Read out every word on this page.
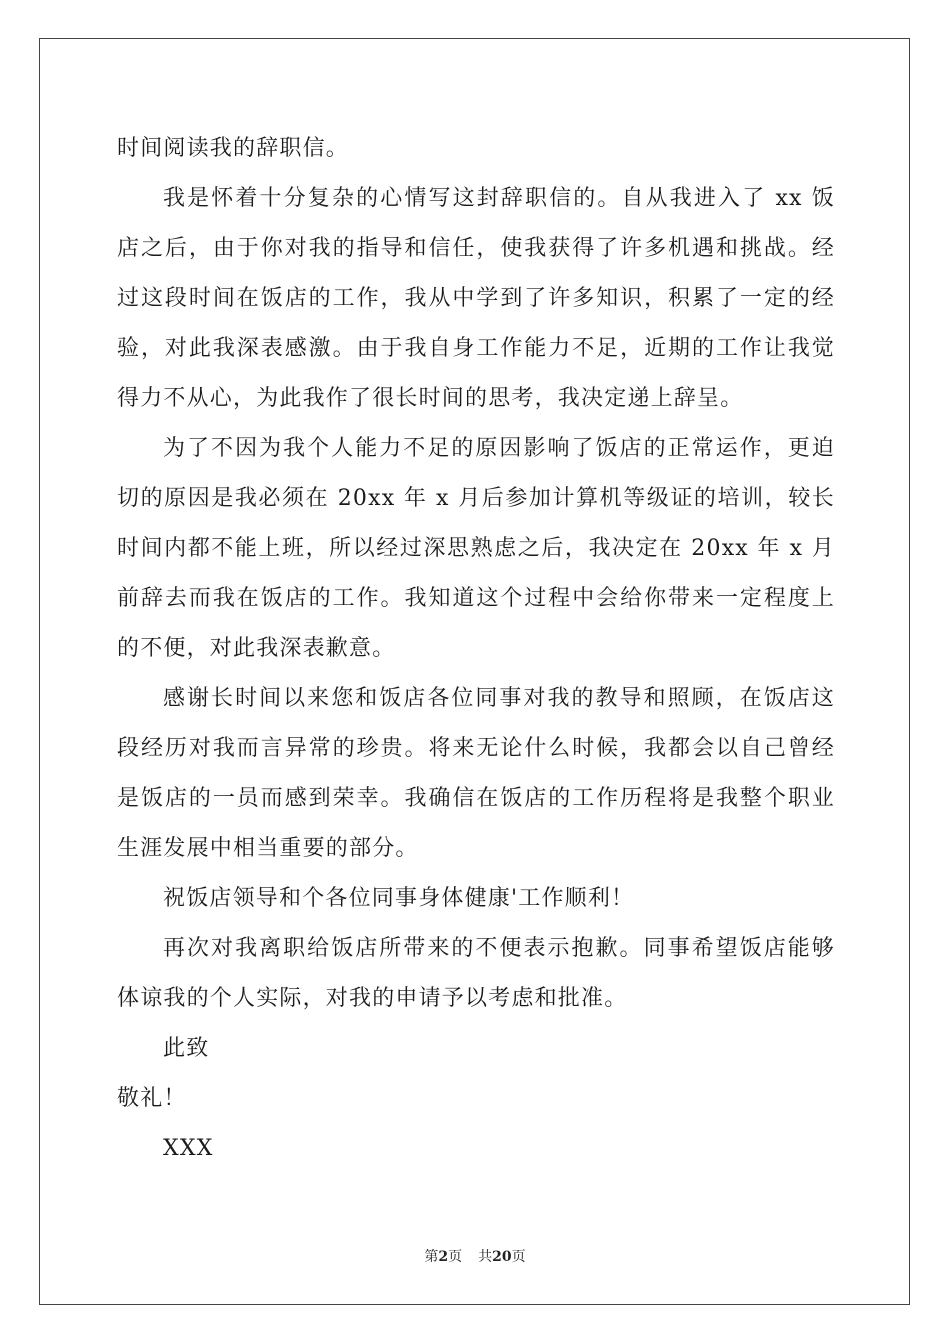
时间阅读我的辞职信。
我是怀着十分复杂的心情写这封辞职信的。自从我进入了 xx 饭
店之后，由于你对我的指导和信任，使我获得了许多机遇和挑战。经
过这段时间在饭店的工作，我从中学到了许多知识，积累了一定的经
验，对此我深表感激。由于我自身工作能力不足，近期的工作让我觉
得力不从心，为此我作了很长时间的思考，我决定递上辞呈。
为了不因为我个人能力不足的原因影响了饭店的正常运作，更迫
切的原因是我必须在 20xx 年 x 月后参加计算机等级证的培训，较长
时间内都不能上班，所以经过深思熟虑之后，我决定在 20xx 年 x 月
前辞去而我在饭店的工作。我知道这个过程中会给你带来一定程度上
的不便，对此我深表歉意。
感谢长时间以来您和饭店各位同事对我的教导和照顾，在饭店这
段经历对我而言异常的珍贵。将来无论什么时候，我都会以自己曾经
是饭店的一员而感到荣幸。我确信在饭店的工作历程将是我整个职业
生涯发展中相当重要的部分。
祝饭店领导和个各位同事身体健康'工作顺利！
再次对我离职给饭店所带来的不便表示抱歉。同事希望饭店能够
体谅我的个人实际，对我的申请予以考虑和批准。
此致
敬礼！
XXX
第2页 共20页
